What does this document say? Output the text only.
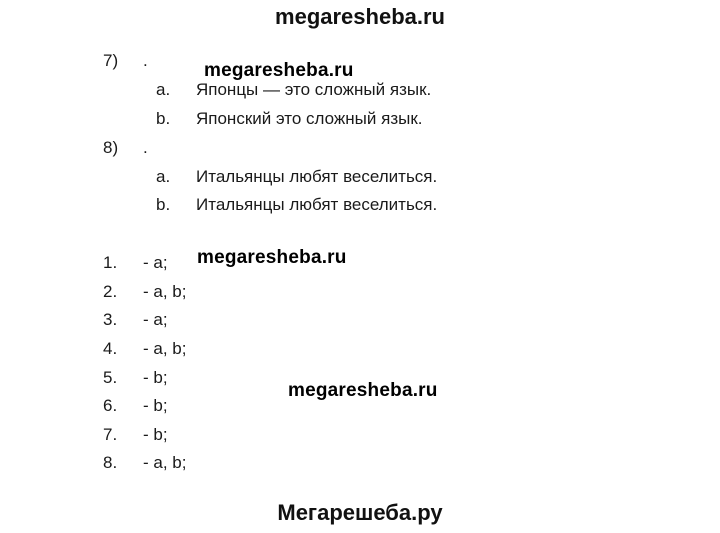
megaresheba.ru
7) .
a. Японцы — это сложный язык.
b. Японский это сложный язык.
8) .
a. Итальянцы любят веселиться.
b. Итальянцы любят веселиться.
1. - a;
2. - a, b;
3. - a;
4. - a, b;
5. - b;
6. - b;
7. - b;
8. - a, b;
megaresheba.ru
megaresheba.ru
megaresheba.ru
Мегарешеба.ру
